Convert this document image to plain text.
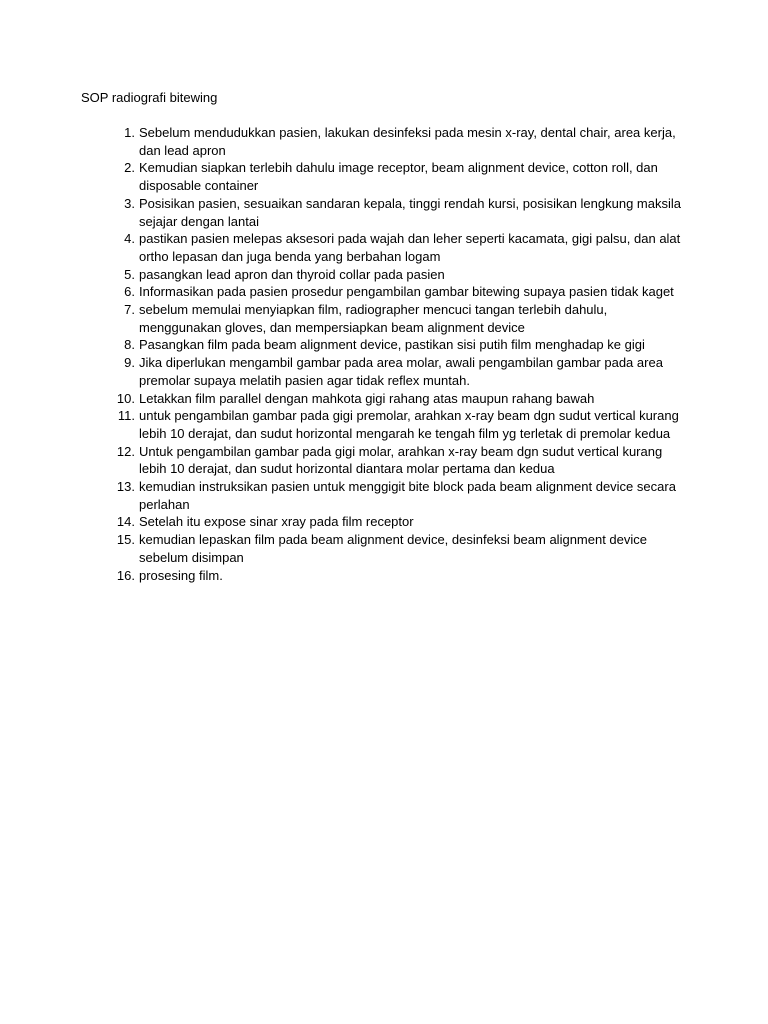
SOP radiografi bitewing
1. Sebelum mendudukkan pasien, lakukan desinfeksi pada mesin x-ray, dental chair, area kerja, dan lead apron
2. Kemudian siapkan terlebih dahulu image receptor, beam alignment device, cotton roll, dan disposable container
3. Posisikan pasien, sesuaikan sandaran kepala, tinggi rendah kursi, posisikan lengkung maksila sejajar dengan lantai
4. pastikan pasien melepas aksesori pada wajah dan leher seperti kacamata, gigi palsu, dan alat ortho lepasan dan juga benda yang berbahan logam
5. pasangkan lead apron dan thyroid collar pada pasien
6. Informasikan pada pasien prosedur pengambilan gambar bitewing supaya pasien tidak kaget
7. sebelum memulai menyiapkan film, radiographer mencuci tangan terlebih dahulu, menggunakan gloves, dan mempersiapkan beam alignment device
8. Pasangkan film pada beam alignment device, pastikan sisi putih film menghadap ke gigi
9. Jika diperlukan mengambil gambar pada area molar, awali pengambilan gambar pada area premolar supaya melatih pasien agar tidak reflex muntah.
10. Letakkan film parallel dengan mahkota gigi rahang atas maupun rahang bawah
11. untuk pengambilan gambar pada gigi premolar, arahkan x-ray beam dgn sudut vertical kurang lebih 10 derajat, dan sudut horizontal mengarah ke tengah film yg terletak di premolar kedua
12. Untuk pengambilan gambar pada gigi molar, arahkan x-ray beam dgn sudut vertical kurang lebih 10 derajat, dan sudut horizontal diantara molar pertama dan kedua
13. kemudian instruksikan pasien untuk menggigit bite block pada beam alignment device secara perlahan
14. Setelah itu expose sinar xray pada film receptor
15. kemudian lepaskan film pada beam alignment device, desinfeksi beam alignment device sebelum disimpan
16. prosesing film.
